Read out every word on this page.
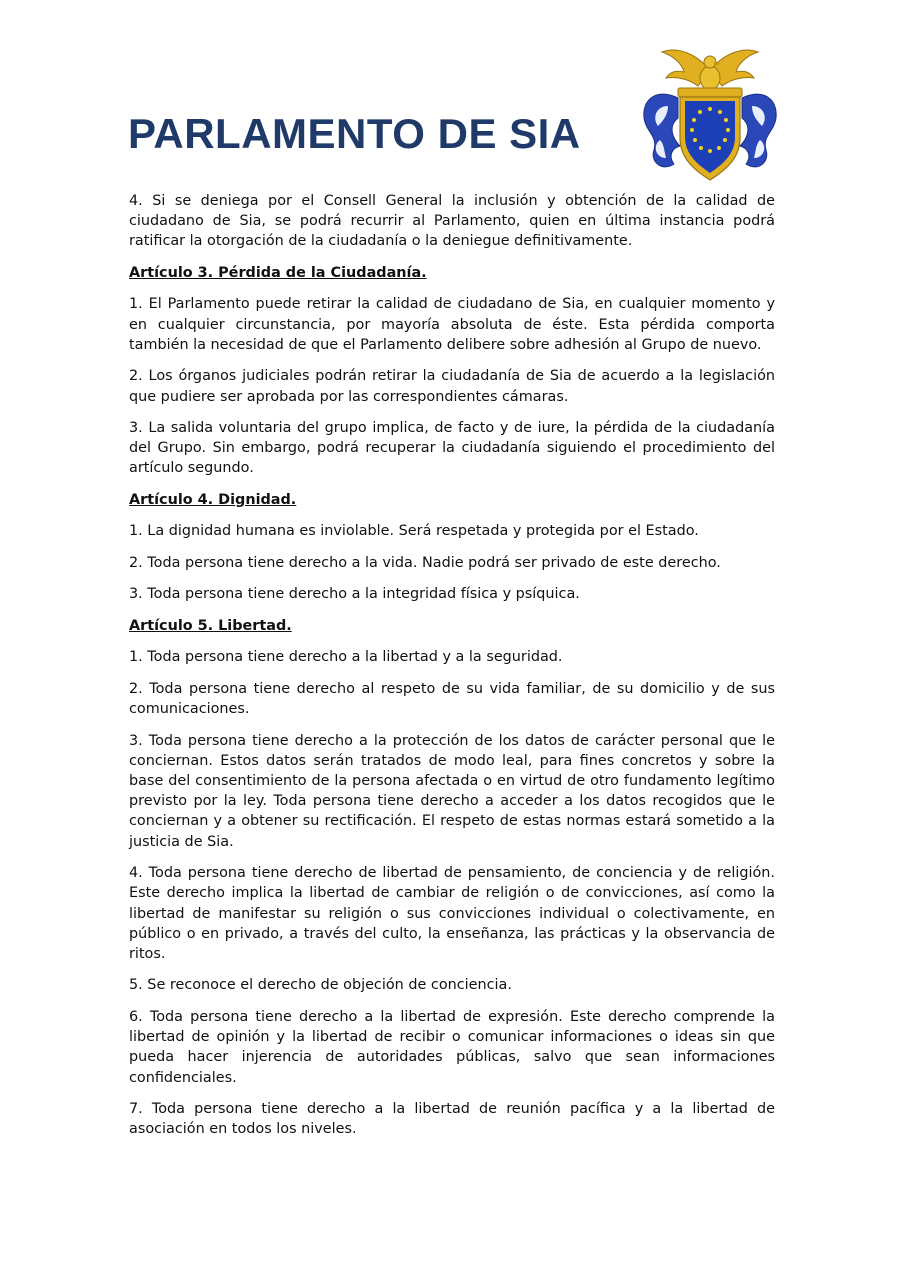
PARLAMENTO DE SIA

4. Si se deniega por el Consell General la inclusión y obtención de la calidad de ciudadano de Sia, se podrá recurrir al Parlamento, quien en última instancia podrá ratificar la otorgación de la ciudadanía o la deniegue definitivamente.

Artículo 3. Pérdida de la Ciudadanía.

1. El Parlamento puede retirar la calidad de ciudadano de Sia, en cualquier momento y en cualquier circunstancia, por mayoría absoluta de éste. Esta pérdida comporta también la necesidad de que el Parlamento delibere sobre adhesión al Grupo de nuevo.

2. Los órganos judiciales podrán retirar la ciudadanía de Sia de acuerdo a la legislación que pudiere ser aprobada por las correspondientes cámaras.

3. La salida voluntaria del grupo implica, de facto y de iure, la pérdida de la ciudadanía del Grupo. Sin embargo, podrá recuperar la ciudadanía siguiendo el procedimiento del artículo segundo.

Artículo 4. Dignidad.

1. La dignidad humana es inviolable. Será respetada y protegida por el Estado.

2. Toda persona tiene derecho a la vida. Nadie podrá ser privado de este derecho.

3. Toda persona tiene derecho a la integridad física y psíquica.

Artículo 5. Libertad.

1. Toda persona tiene derecho a la libertad y a la seguridad.

2. Toda persona tiene derecho al respeto de su vida familiar, de su domicilio y de sus comunicaciones.

3. Toda persona tiene derecho a la protección de los datos de carácter personal que le conciernan. Estos datos serán tratados de modo leal, para fines concretos y sobre la base del consentimiento de la persona afectada o en virtud de otro fundamento legítimo previsto por la ley. Toda persona tiene derecho a acceder a los datos recogidos que le conciernan y a obtener su rectificación. El respeto de estas normas estará sometido a la justicia de Sia.

4. Toda persona tiene derecho de libertad de pensamiento, de conciencia y de religión. Este derecho implica la libertad de cambiar de religión o de convicciones, así como la libertad de manifestar su religión o sus convicciones individual o colectivamente, en público o en privado, a través del culto, la enseñanza, las prácticas y la observancia de ritos.

5. Se reconoce el derecho de objeción de conciencia.

6. Toda persona tiene derecho a la libertad de expresión. Este derecho comprende la libertad de opinión y la libertad de recibir o comunicar informaciones o ideas sin que pueda hacer injerencia de autoridades públicas, salvo que sean informaciones confidenciales.

7. Toda persona tiene derecho a la libertad de reunión pacífica y a la libertad de asociación en todos los niveles.
